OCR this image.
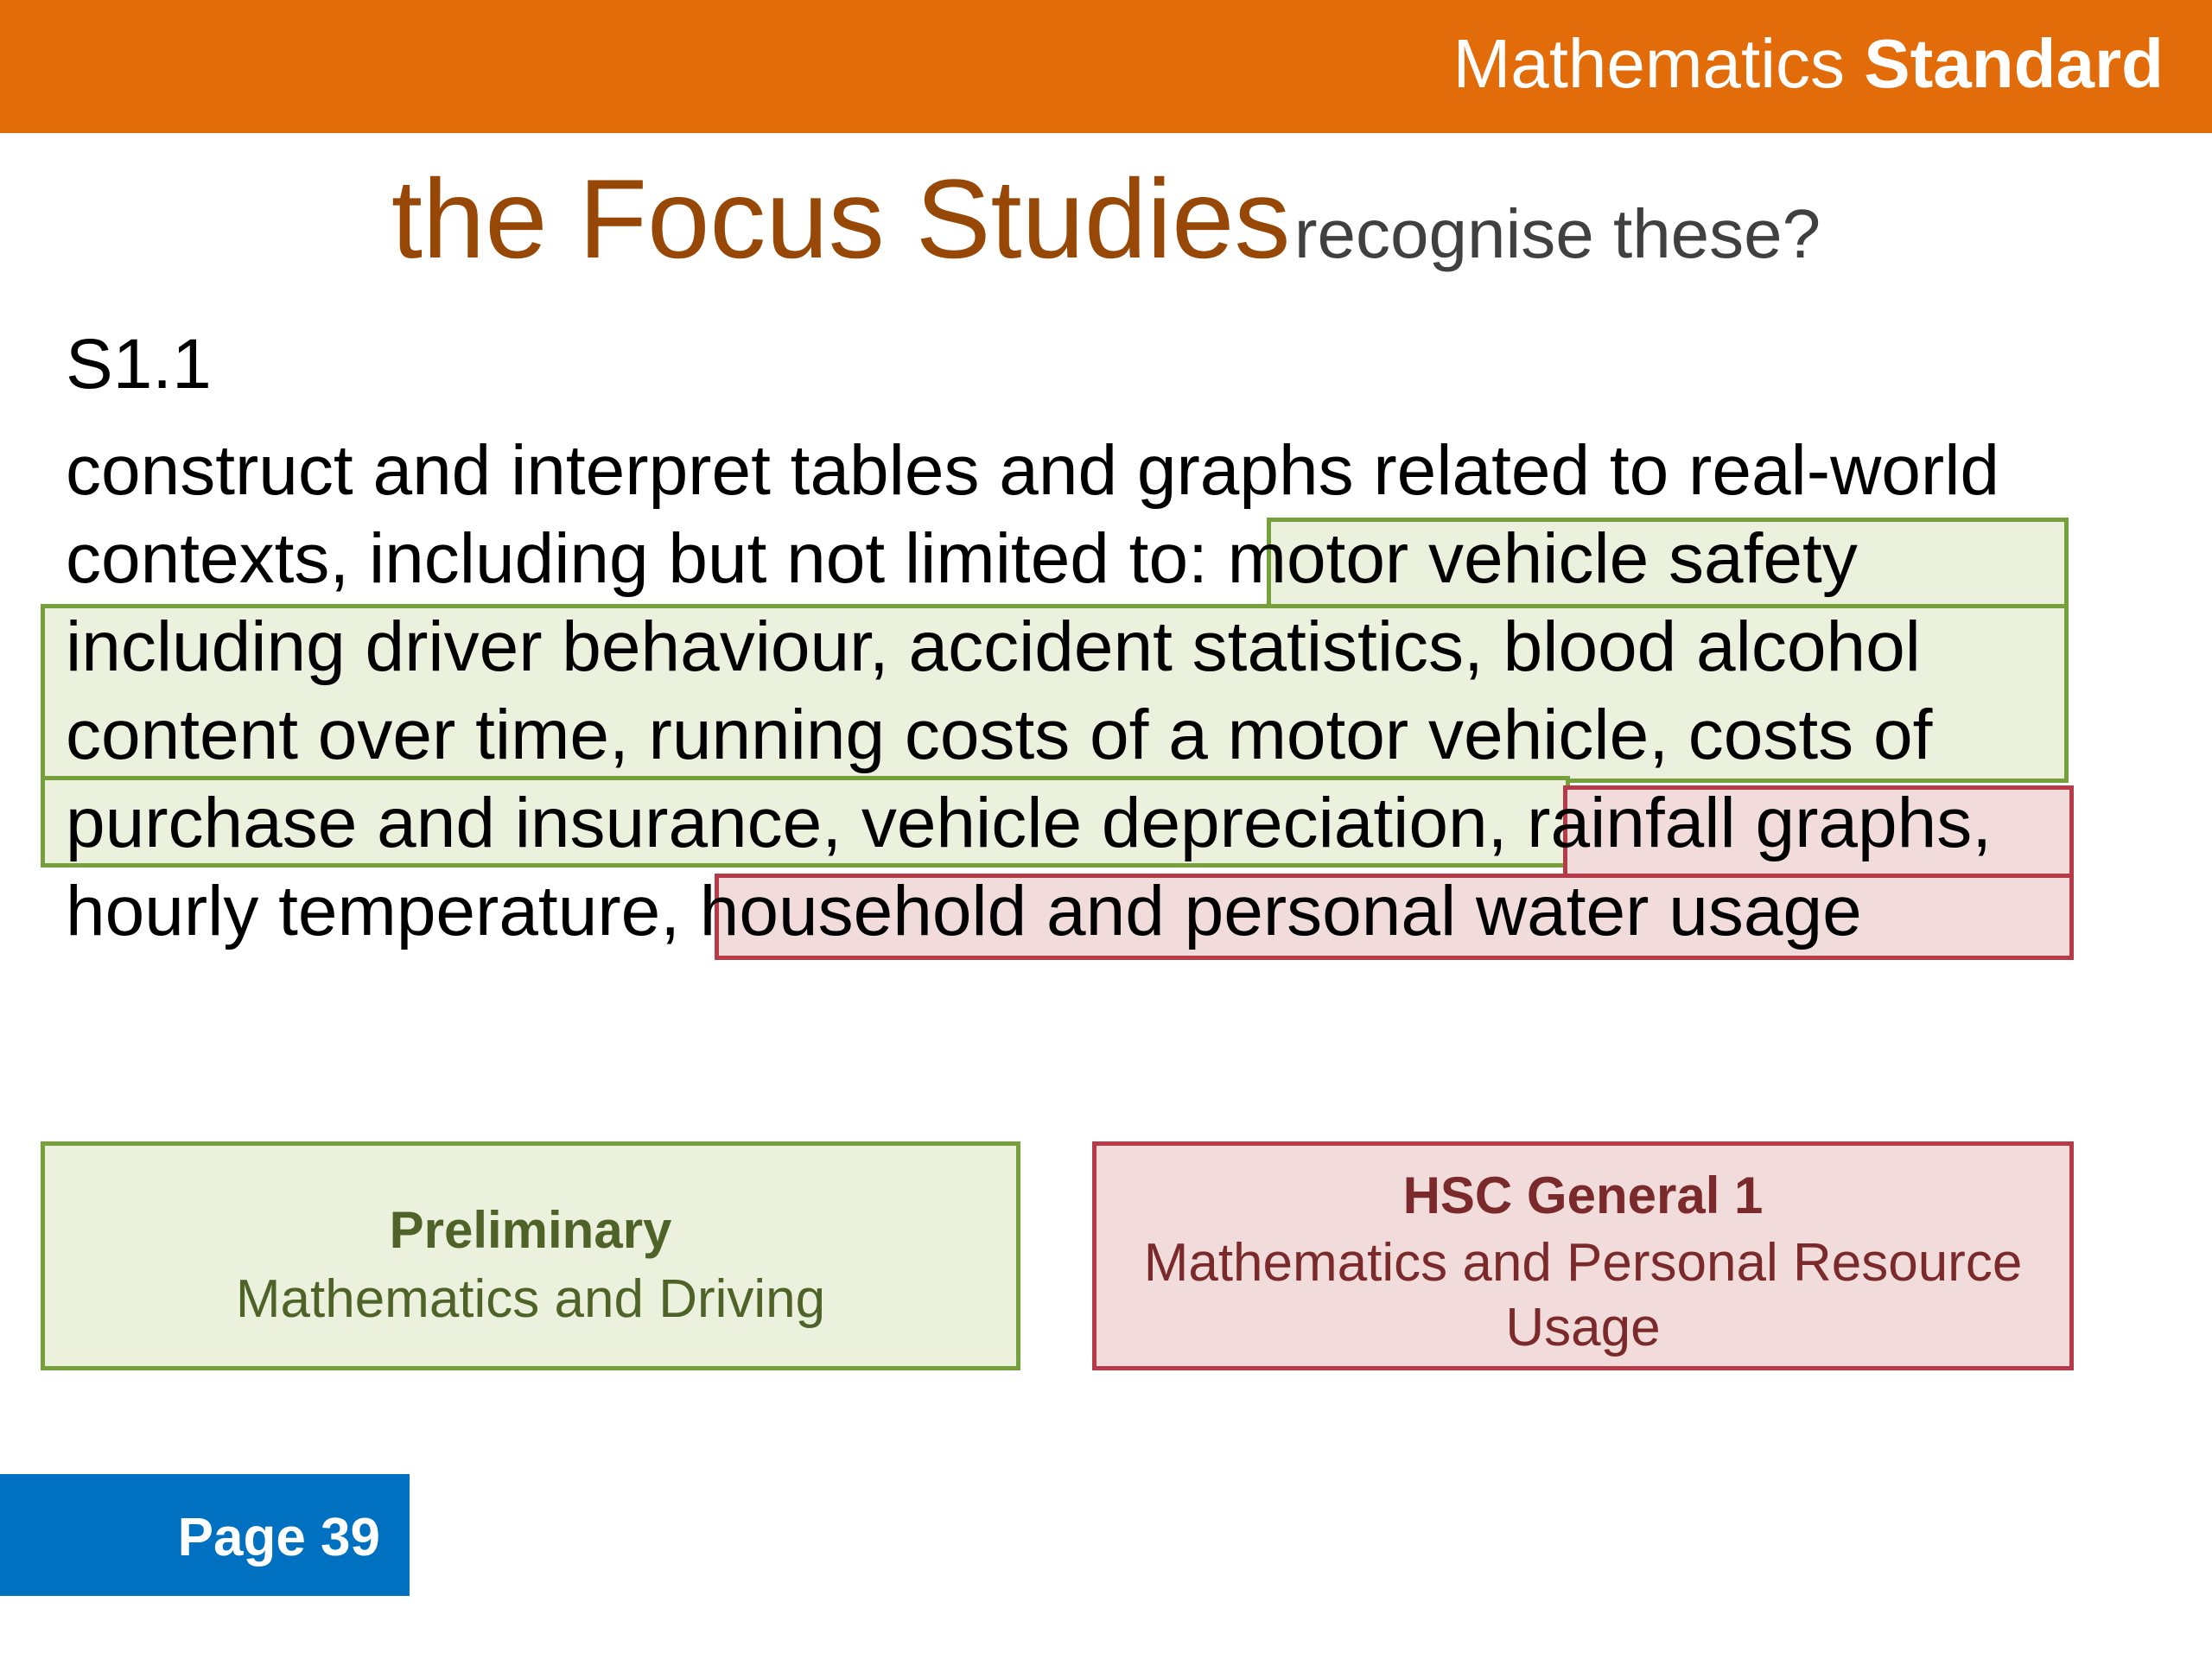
Mathematics Standard
the Focus Studies recognise these?
S1.1
construct and interpret tables and graphs related to real-world
contexts, including but not limited to: motor vehicle safety
including driver behaviour, accident statistics, blood alcohol
content over time, running costs of a motor vehicle, costs of
purchase and insurance, vehicle depreciation, rainfall graphs,
hourly temperature, household and personal water usage
Preliminary
Mathematics and Driving
HSC General 1
Mathematics and Personal Resource
Usage
Page 39
